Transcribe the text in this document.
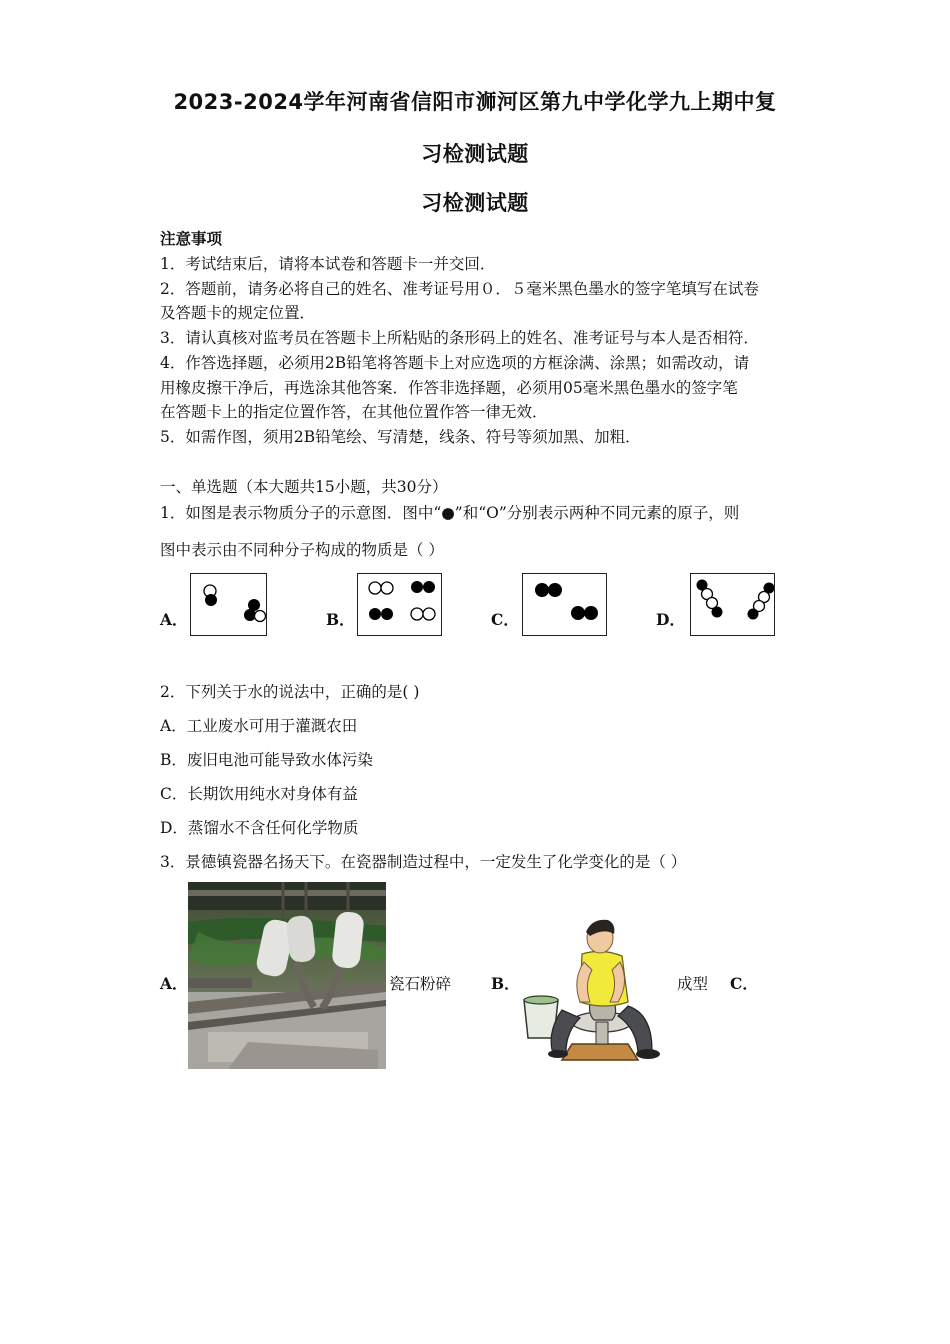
2023-2024学年河南省信阳市浉河区第九中学化学九上期中复
习检测试题
习检测试题
注意事项
1．考试结束后，请将本试卷和答题卡一并交回．
2．答题前，请务必将自己的姓名、准考证号用０．５毫米黑色墨水的签字笔填写在试卷
及答题卡的规定位置．
3．请认真核对监考员在答题卡上所粘贴的条形码上的姓名、准考证号与本人是否相符．
4．作答选择题，必须用2B铅笔将答题卡上对应选项的方框涂满、涂黑；如需改动，请
用橡皮擦干净后，再选涂其他答案．作答非选择题，必须用05毫米黑色墨水的签字笔
在答题卡上的指定位置作答，在其他位置作答一律无效．
5．如需作图，须用2B铅笔绘、写清楚，线条、符号等须加黑、加粗．
一、单选题（本大题共15小题，共30分）
1．如图是表示物质分子的示意图．图中“●”和“O”分别表示两种不同元素的原子，则
图中表示由不同种分子构成的物质是（ ）
A．	B．	C．	D．
2．下列关于水的说法中，正确的是( )
A．工业废水可用于灌溉农田
B．废旧电池可能导致水体污染
C．长期饮用纯水对身体有益
D．蒸馏水不含任何化学物质
3．景德镇瓷器名扬天下。在瓷器制造过程中，一定发生了化学变化的是（ ）
A．	瓷石粉碎	B．	成型 C．
